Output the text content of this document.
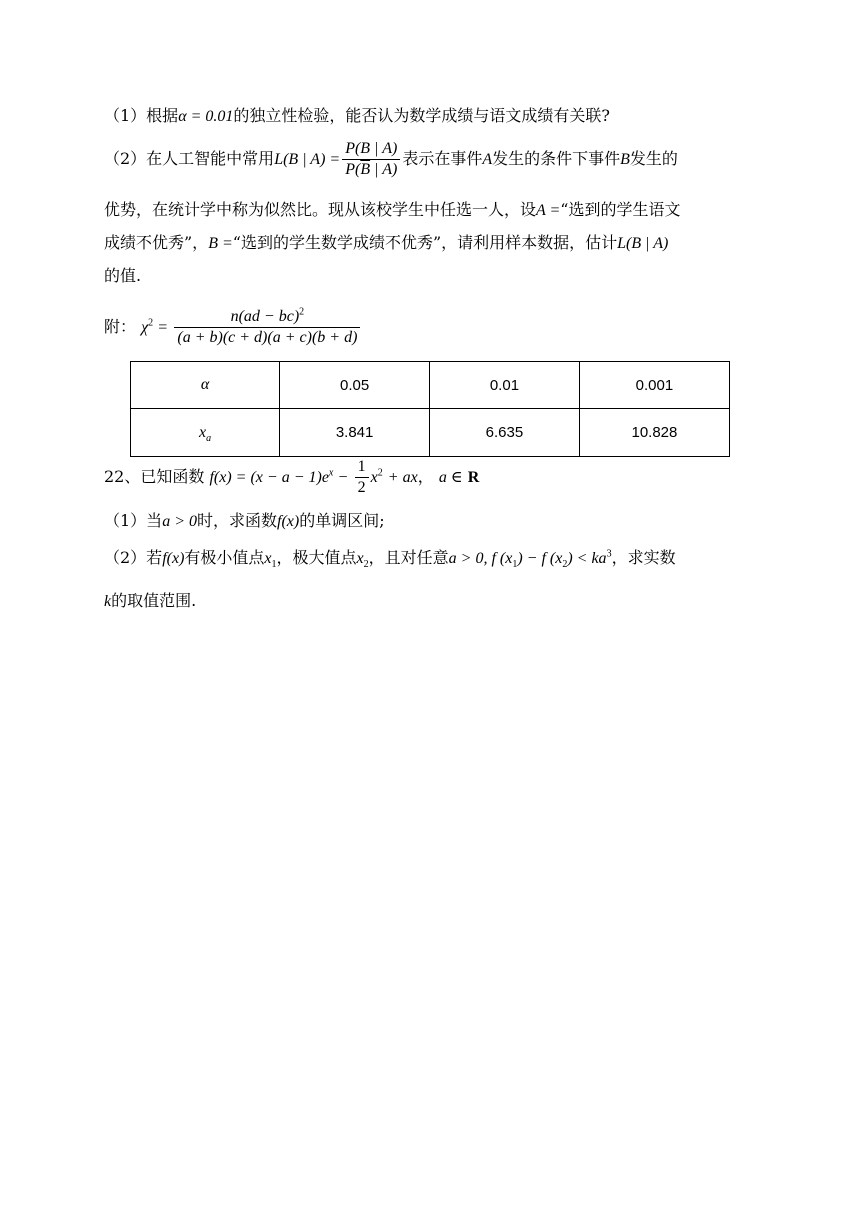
（1）根据α = 0.01的独立性检验，能否认为数学成绩与语文成绩有关联?
（2）在人工智能中常用L(B | $A) = \frac{P(B | A)}{P(\overline{B} | A)}$ 表示在事件A发生的条件下事件B发生的
优势，在统计学中称为似然比。现从该校学生中任选一人，设A =“选到的学生语文
成绩不优秀”，B =“选到的学生数学成绩不优秀”，请利用样本数据，估计L(B | A)
的值.
附： $\chi^2 = \frac{n(ad - bc)^2}{(a + b)(c + d)(a + c)(b + d)}$
α	0.05	0.01	0.001
$x_a$	3.841	6.635	10.828
22、已知函数 $f(x) = (x - a - 1)e^x - \frac{1}{2} x^2$ + ax， a ∈ R
（1）当a > 0时，求函数f(x)的单调区间;
（2）若f(x)有极小值点$x_1$，极大值点$x_2$，且对任意a > 0, f $(x_1) - f$ $(x_2) < ka^3$，求实数
k的取值范围.
